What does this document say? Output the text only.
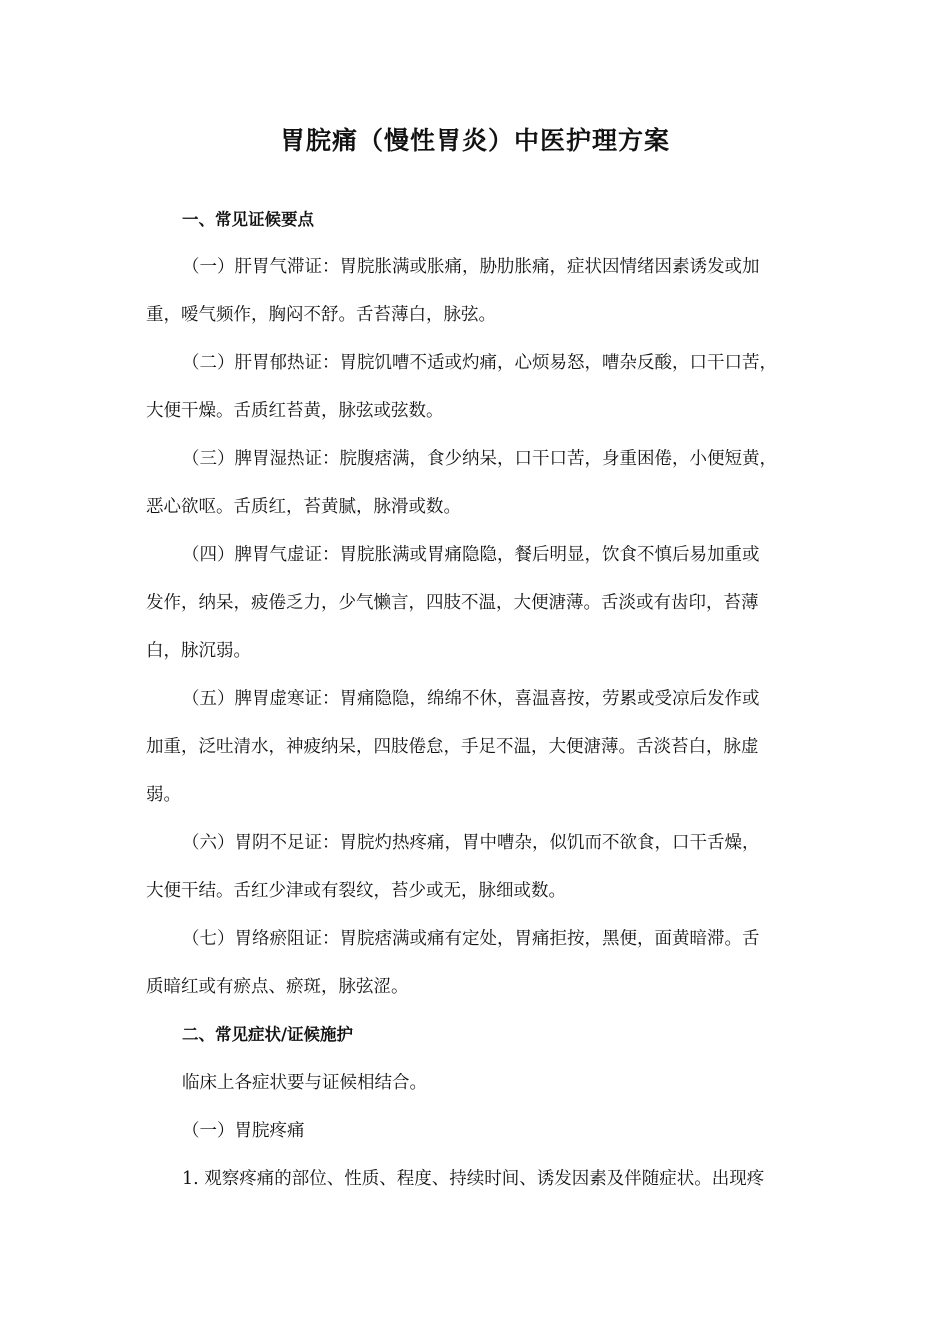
胃脘痛（慢性胃炎）中医护理方案

一、常见证候要点

（一）肝胃气滞证：胃脘胀满或胀痛，胁肋胀痛，症状因情绪因素诱发或加
重，嗳气频作，胸闷不舒。舌苔薄白，脉弦。
（二）肝胃郁热证：胃脘饥嘈不适或灼痛，心烦易怒，嘈杂反酸，口干口苦，
大便干燥。舌质红苔黄，脉弦或弦数。
（三）脾胃湿热证：脘腹痞满，食少纳呆，口干口苦，身重困倦，小便短黄，
恶心欲呕。舌质红，苔黄腻，脉滑或数。
（四）脾胃气虚证：胃脘胀满或胃痛隐隐，餐后明显，饮食不慎后易加重或
发作，纳呆，疲倦乏力，少气懒言，四肢不温，大便溏薄。舌淡或有齿印，苔薄
白，脉沉弱。
（五）脾胃虚寒证：胃痛隐隐，绵绵不休，喜温喜按，劳累或受凉后发作或
加重，泛吐清水，神疲纳呆，四肢倦怠，手足不温，大便溏薄。舌淡苔白，脉虚
弱。
（六）胃阴不足证：胃脘灼热疼痛，胃中嘈杂，似饥而不欲食，口干舌燥，
大便干结。舌红少津或有裂纹，苔少或无，脉细或数。
（七）胃络瘀阻证：胃脘痞满或痛有定处，胃痛拒按，黑便，面黄暗滞。舌
质暗红或有瘀点、瘀斑，脉弦涩。

二、常见症状/证候施护

临床上各症状要与证候相结合。

（一）胃脘疼痛

1. 观察疼痛的部位、性质、程度、持续时间、诱发因素及伴随症状。出现疼
